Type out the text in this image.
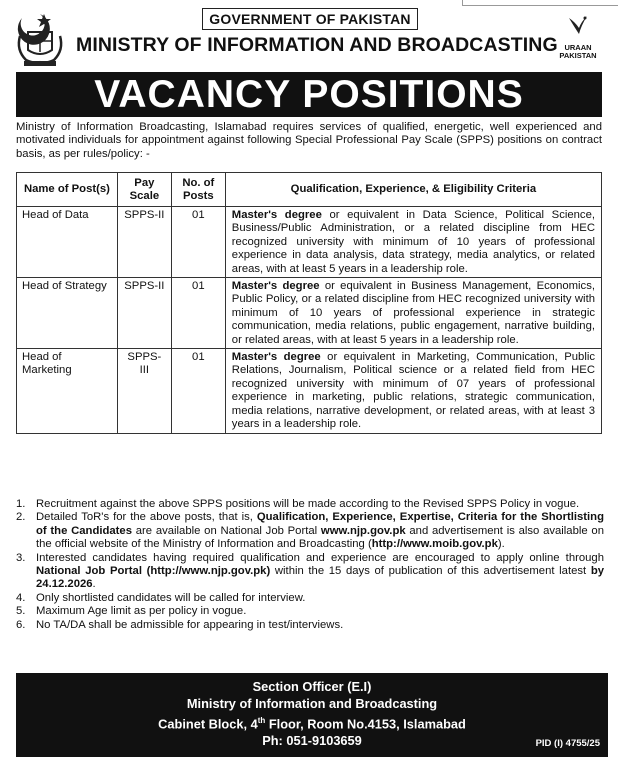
GOVERNMENT OF PAKISTAN
MINISTRY OF INFORMATION AND BROADCASTING URAAN
PAKISTAN
VACANCY POSITIONS

Ministry of Information Broadcasting, Islamabad requires services of qualified, energetic, well experienced and motivated individuals for appointment against following Special Professional Pay Scale (SPPS) positions on contract basis, as per rules/policy: -

Name of Post(s)	Pay Scale	No. of Posts	Qualification, Experience, & Eligibility Criteria
Head of Data	SPPS-II	01	Master's degree or equivalent in Data Science, Political Science, Business/Public Administration, or a related discipline from HEC recognized university with minimum of 10 years of professional experience in data analysis, data strategy, media analytics, or related areas, with at least 5 years in a leadership role.
Head of Strategy	SPPS-II	01	Master's degree or equivalent in Business Management, Economics, Public Policy, or a related discipline from HEC recognized university with minimum of 10 years of professional experience in strategic communication, media relations, public engagement, narrative building, or related areas, with at least 5 years in a leadership role.
Head of Marketing	SPPS-III	01	Master's degree or equivalent in Marketing, Communication, Public Relations, Journalism, Political science or a related field from HEC recognized university with minimum of 07 years of professional experience in marketing, public relations, strategic communication, media relations, narrative development, or related areas, with at least 3 years in a leadership role.
1. Recruitment against the above SPPS positions will be made according to the Revised SPPS Policy in vogue.
2. Detailed ToR's for the above posts, that is, Qualification, Experience, Expertise, Criteria for the Shortlisting of the Candidates are available on National Job Portal www.njp.gov.pk and advertisement is also available on the official website of the Ministry of Information and Broadcasting (http://www.moib.gov.pk).
3. Interested candidates having required qualification and experience are encouraged to apply online through National Job Portal (http://www.njp.gov.pk) within the 15 days of publication of this advertisement latest by 24.12.2026.
4. Only shortlisted candidates will be called for interview.
5. Maximum Age limit as per policy in vogue.
6. No TA/DA shall be admissible for appearing in test/interviews.
Section Officer (E.I)
Ministry of Information and Broadcasting
Cabinet Block, 4th Floor, Room No.4153, Islamabad
Ph: 051-9103659	PID (I) 4755/25
